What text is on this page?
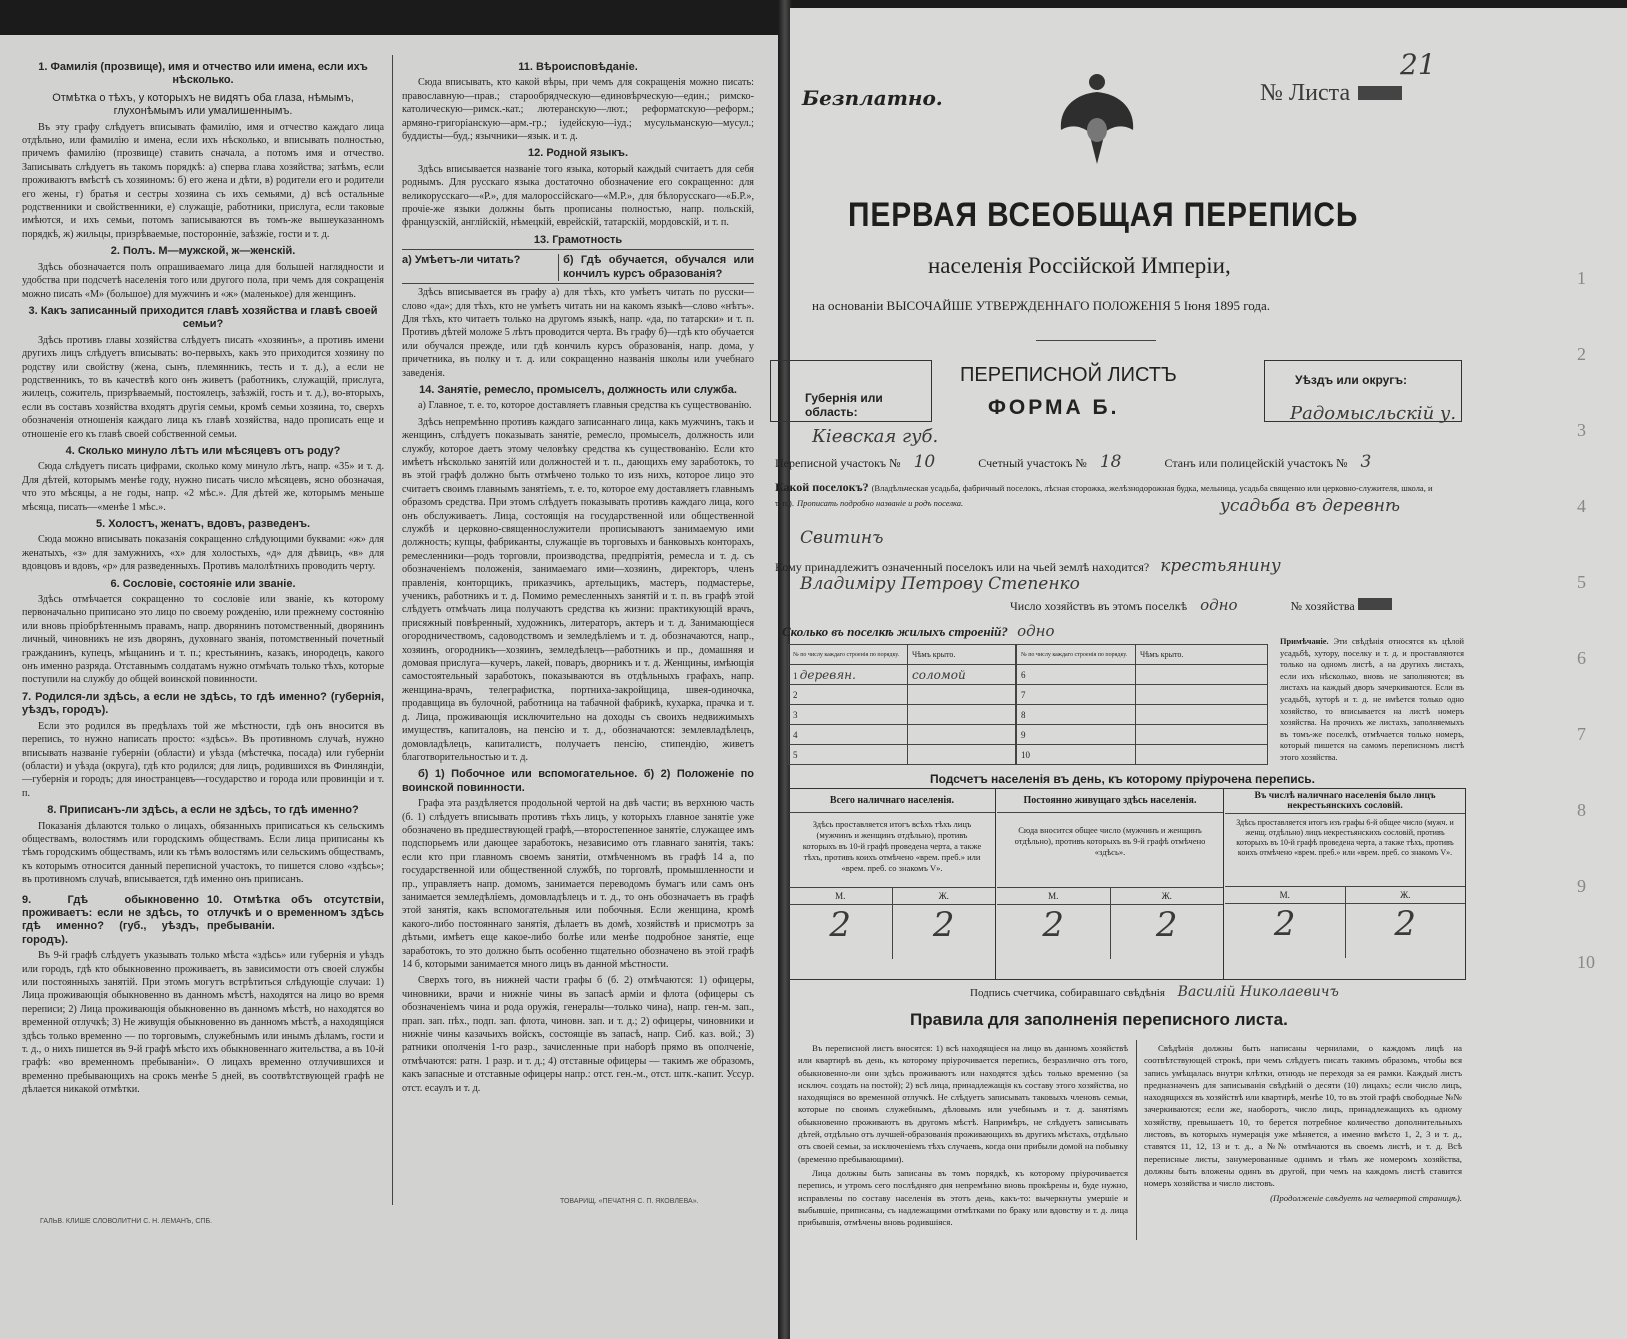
1. Фамилія (прозвище), имя и отчество или имена, если ихъ нѣсколько.
Отмѣтка о тѣхъ, у которыхъ не видятъ оба глаза, нѣмымъ, глухонѣмымъ или умалишеннымъ.

Въ эту графу слѣдуетъ вписывать фамилію, имя и отчество каждаго лица отдѣльно, или фамилію и имена, если ихъ нѣсколько, и вписывать полностью, причемъ фамилію (прозвище) ставить сначала, а потомъ имя и отчество. Записывать слѣдуетъ въ такомъ порядкѣ: а) сперва глава хозяйства; затѣмъ, если проживаютъ вмѣстѣ съ хозяиномъ: б) его жена и дѣти, в) родители его и родители его жены, г) братья и сестры хозяина съ ихъ семьями, д) всѣ остальные родственники и свойственники, е) служащіе, работники, прислуга, если таковые имѣются, и ихъ семьи, потомъ записываются въ томъ-же вышеуказанномъ порядкѣ, ж) жильцы, призрѣваемые, посторонніе, заѣзжіе, гости и т. д.

2. Полъ. М—мужской, ж—женскій.

Здѣсь обозначается полъ опрашиваемаго лица для большей наглядности и удобства при подсчетѣ населенія того или другого пола, при чемъ для сокращенія можно писать «М» (большое) для мужчинъ и «ж» (маленькое) для женщинъ.

3. Какъ записанный приходится главѣ хозяйства и главѣ своей семьи?

Здѣсь противъ главы хозяйства слѣдуетъ писать «хозяинъ», а противъ имени другихъ лицъ слѣдуетъ вписывать: во-первыхъ, какъ это приходится хозяину по родству или свойству (жена, сынъ, племянникъ, тесть и т. д.), а если не родственникъ, то въ качествѣ кого онъ живетъ (работникъ, служащій, прислуга, жилецъ, сожитель, призрѣваемый, постоялецъ, заѣзжій, гость и т. д.), во-вторыхъ, если въ составъ хозяйства входятъ другія семьи, кромѣ семьи хозяина, то, сверхъ обозначенія отношенія каждаго лица къ главѣ хозяйства, надо прописать еще и отношеніе его къ главѣ своей собственной семьи.

4. Сколько минуло лѣтъ или мѣсяцевъ отъ роду?

Сюда слѣдуетъ писать цифрами, сколько кому минуло лѣтъ, напр. «35» и т. д. Для дѣтей, которымъ менѣе году, нужно писать число мѣсяцевъ, ясно обозначая, что это мѣсяцы, а не годы, напр. «2 мѣс.». Для дѣтей же, которымъ меньше мѣсяца, писать—«менѣе 1 мѣс.».

5. Холостъ, женатъ, вдовъ, разведенъ.

Сюда можно вписывать показанія сокращенно слѣдующими буквами: «ж» для женатыхъ, «з» для замужнихъ, «х» для холостыхъ, «д» для дѣвицъ, «в» для вдовцовъ и вдовъ, «р» для разведенныхъ. Противъ малолѣтнихъ проводить черту.

6. Сословіе, состояніе или званіе.

Здѣсь отмѣчается сокращенно то сословіе или званіе, къ которому первоначально приписано это лицо по своему рожденію, или прежнему состоянію или вновь пріобрѣтеннымъ правамъ, напр. дворянинъ потомственный, дворянинъ личный, чиновникъ не изъ дворянъ, духовнаго званія, потомственный почетный гражданинъ, купецъ, мѣщанинъ и т. п.; крестьянинъ, казакъ, инородецъ, какого онъ именно разряда. Отставнымъ солдатамъ нужно отмѣчать только тѣхъ, которые поступили на службу до общей воинской повинности.

7. Родился-ли здѣсь, а если не здѣсь, то гдѣ именно? (губернія, уѣздъ, городъ).

Если это родился въ предѣлахъ той же мѣстности, гдѣ онъ вносится въ перепись, то нужно написать просто: «здѣсь». Въ противномъ случаѣ, нужно вписывать названіе губерніи (области) и уѣзда (мѣстечка, посада) или губерніи (области) и уѣзда (округа), гдѣ кто родился; для лицъ, родившихся въ Финляндіи,—губернія и городъ; для иностранцевъ—государство и города или провинціи и т. п.

8. Приписанъ-ли здѣсь, а если не здѣсь, то гдѣ именно?

Показанія дѣлаются только о лицахъ, обязанныхъ приписаться къ сельскимъ обществамъ, волостямъ или городскимъ обществамъ. Если лица приписаны къ тѣмъ городскимъ обществамъ, или къ тѣмъ волостямъ или сельскимъ обществамъ, къ которымъ относится данный переписной участокъ, то пишется слово «здѣсь»; въ противномъ случаѣ, вписывается, гдѣ именно онъ приписанъ.

9. Гдѣ обыкновенно проживаетъ: если не здѣсь, то гдѣ именно? (губ., уѣздъ, городъ).
10. Отмѣтка объ отсутствіи, отлучкѣ и о временномъ здѣсь пребываніи.

Въ 9-й графѣ слѣдуетъ указывать только мѣста «здѣсь» или губернія и уѣздъ или городъ, гдѣ кто обыкновенно проживаетъ, въ зависимости отъ своей службы или постоянныхъ занятій. При этомъ могутъ встрѣтиться слѣдующіе случаи: 1) Лица проживающія обыкновенно въ данномъ мѣстѣ, находятся на лицо во время переписи; 2) Лица проживающія обыкновенно въ данномъ мѣстѣ, но находятся во временной отлучкѣ; 3) Не живущія обыкновенно въ данномъ мѣстѣ, а находящіяся здѣсь только временно — по торговымъ, служебнымъ или инымъ дѣламъ, гости и т. д., о нихъ пишется въ 9-й графѣ мѣсто ихъ обыкновеннаго жительства, а въ 10-й графѣ: «во временномъ пребываніи». О лицахъ временно отлучившихся и временно пребывающихъ на срокъ менѣе 5 дней, въ соотвѣтствующей графѣ не дѣлается никакой отмѣтки.

11. Вѣроисповѣданіе.

Сюда вписывать, кто какой вѣры, при чемъ для сокращенія можно писать: православную—прав.; старообрядческую—единовѣрческую—един.; римско-католическую—римск.-кат.; лютеранскую—лют.; реформатскую—реформ.; армяно-григоріанскую—арм.-гр.; іудейскую—іуд.; мусульманскую—мусул.; буддисты—буд.; язычники—язык. и т. д.

12. Родной языкъ.

Здѣсь вписывается названіе того языка, который каждый считаетъ для себя роднымъ. Для русскаго языка достаточно обозначение его сокращенно: для великорусскаго—«Р.», для малороссійскаго—«М.Р.», для бѣлорусскаго—«Б.Р.», прочіе-же языки должны быть прописаны полностью, напр. польскій, французскій, англійскій, нѣмецкій, еврейскій, татарскій, мордовскій, и т. п.

13. Грамотность
а) Умѣетъ-ли читать?	б) Гдѣ обучается, обучался или кончилъ курсъ образованія?

Здѣсь вписывается въ графу а) для тѣхъ, кто умѣетъ читать по русски—слово «да»; для тѣхъ, кто не умѣетъ читать ни на какомъ языкѣ—слово «нѣтъ». Для тѣхъ, кто читаетъ только на другомъ языкѣ, напр. «да, по татарски» и т. п. Противъ дѣтей моложе 5 лѣтъ проводится черта. Въ графу б)—гдѣ кто обучается или обучался прежде, или гдѣ кончилъ курсъ образованія, напр. дома, у причетника, въ полку и т. д. или сокращенно названія школы или учебнаго заведенія.

14. Занятіе, ремесло, промыселъ, должность или служба.

а) Главное, т. е. то, которое доставляетъ главныя средства къ существованію.

Здѣсь непремѣнно противъ каждаго записаннаго лица, какъ мужчинъ, такъ и женщинъ, слѣдуетъ показывать занятіе, ремесло, промыселъ, должность или службу, которое даетъ этому человѣку средства къ существованію. Если кто имѣетъ нѣсколько занятій или должностей и т. п., дающихъ ему заработокъ, то въ этой графѣ должно быть отмѣчено только то изъ нихъ, которое лицо это считаетъ своимъ главнымъ занятіемъ, т. е. то, которое ему доставляетъ главнымъ образомъ средства. При этомъ слѣдуетъ показывать противъ каждаго лица, кого онъ обслуживаетъ. Лица, состоящія на государственной или общественной службѣ и церковно-священнослужители прописываютъ занимаемую ими должность; купцы, фабриканты, служащіе въ торговыхъ и банковыхъ конторахъ, ремесленники—родъ торговли, производства, предпріятія, ремесла и т. д. съ обозначеніемъ положенія, занимаемаго ими—хозяинъ, директоръ, членъ правленія, конторщикъ, приказчикъ, артельщикъ, мастеръ, подмастерье, ученикъ, работникъ и т. д. Помимо ремесленныхъ занятій и т. п. въ графѣ этой слѣдуетъ отмѣчать лица получаютъ средства къ жизни: практикующій врачъ, присяжный повѣренный, художникъ, литераторъ, актеръ и т. д. Занимающіеся огородничествомъ, садоводствомъ и земледѣліемъ и т. д. обозначаются, напр., хозяинъ, огородникъ—хозяинъ, земледѣлецъ—работникъ и пр., домашняя и домовая прислуга—кучеръ, лакей, поваръ, дворникъ и т. д. Женщины, имѣющія самостоятельный заработокъ, показываются въ отдѣльныхъ графахъ, напр. женщина-врачъ, телеграфистка, портниха-закройщица, швея-одиночка, продавщица въ булочной, работница на табачной фабрикѣ, кухарка, прачка и т. д. Лица, проживающія исключительно на доходы съ своихъ недвижимыхъ имуществъ, капиталовъ, на пенсію и т. д., обозначаются: землевладѣлецъ, домовладѣлецъ, капиталистъ, получаетъ пенсію, стипендію, живетъ благотворительностью и т. д.

б) 1) Побочное или вспомогательное. б) 2) Положеніе по воинской повинности.

Графа эта раздѣляется продольной чертой на двѣ части; въ верхнюю часть (б. 1) слѣдуетъ вписывать противъ тѣхъ лицъ, у которыхъ главное занятіе уже обозначено въ предшествующей графѣ,—второстепенное занятіе, служащее имъ подспорьемъ или дающее заработокъ, независимо отъ главнаго занятія, такъ: если кто при главномъ своемъ занятіи, отмѣченномъ въ графѣ 14 а, по государственной или общественной службѣ, по торговлѣ, промышленности и пр., управляетъ напр. домомъ, занимается переводомъ бумагъ или самъ онъ занимается земледѣліемъ, домовладѣлецъ и т. д., то онъ обозначаетъ въ графѣ этой занятія, какъ вспомогательныя или побочныя. Если женщина, кромѣ какого-либо постояннаго занятія, дѣлаетъ въ домѣ, хозяйствѣ и присмотръ за дѣтьми, имѣетъ еще какое-либо болѣе или менѣе подробное занятіе, еще заработокъ, то это должно быть особенно тщательно обозначено въ этой графѣ 14 б, которыми занимается много лицъ въ данной мѣстности.

Сверхъ того, въ нижней части графы б (б. 2) отмѣчаются: 1) офицеры, чиновники, врачи и нижніе чины въ запасѣ арміи и флота (офицеры съ обозначеніемъ чина и рода оружія, генералы—только чина), напр. ген-м. зап., прап. зап. пѣх., подп. зап. флота, чиновн. зап. и т. д.; 2) офицеры, чиновники и нижніе чины казачьихъ войскъ, состоящіе въ запасѣ, напр. Сиб. каз. вой.; 3) ратники ополченія 1-го разр., зачисленные при наборѣ прямо въ ополченіе, отмѣчаются: ратн. 1 разр. и т. д.; 4) отставные офицеры — такимъ же образомъ, какъ запасные и отставные офицеры напр.: отст. ген.-м., отст. штк.-капит. Уссур. отст. есаулъ и т. д.

ГАЛЬВ. КЛИШЕ СЛОВОЛИТНИ С. Н. ЛЕМАНЪ, СПБ.
ТОВАРИЩ. «ПЕЧАТНЯ С. П. ЯКОВЛЕВА».
1
2
3
4
5
6
7
8
9
10
Безплатно.	№ Листа
21
ПЕРВАЯ ВСЕОБЩАЯ ПЕРЕПИСЬ
населенія Россійской Имперіи,
на основаніи ВЫСОЧАЙШЕ УТВЕРЖДЕННАГО ПОЛОЖЕНІЯ 5 Іюня 1895 года.
Губернія или область:
Кіевская губ.
ПЕРЕПИСНОЙ ЛИСТЪ
ФОРМА Б.
Уѣздъ или округъ:
Радомысльскій у.
Переписной участокъ № 10	Счетный участокъ № 18	Станъ или полицейскій участокъ № 3
Какой поселокъ? (Владѣльческая усадьба, фабричный поселокъ, лѣсная сторожка, желѣзнодорожная будка, мельница, усадьба священно или церковно-служителя, школа, и т. п.). Прописать подробно названіе и родъ поселка.	усадьба въ деревнѣ
Свитинъ
Кому принадлежитъ означенный поселокъ или на чьей землѣ находится? крестьянину
Владиміру Петрову Степенко
Число хозяйствъ въ этомъ поселкѣ одно	№ хозяйства
Сколько въ поселкѣ жилыхъ строеній? одно
№ по числу каждаго строенія по порядку.	Чѣмъ крыто.
1 деревян.	соломой
2	
3	
4	
5	
№ по числу каждаго строенія по порядку.	Чѣмъ крыто.
6	
7	
8	
9	
10	
Примѣчаніе. Эти свѣдѣнія относятся къ цѣлой усадьбѣ, хутору, поселку и т. д. и проставляются только на одномъ листѣ, а на другихъ листахъ, если ихъ нѣсколько, вновь не заполняются; въ листахъ на каждый дворъ зачеркиваются. Если въ усадьбѣ, хуторѣ и т. д. не имѣется только одно хозяйство, то вписывается на листѣ номеръ хозяйства. На прочихъ же листахъ, заполняемыхъ въ томъ-же поселкѣ, отмѣчается только номеръ, который пишется на самомъ переписномъ листѣ этого хозяйства.
Подсчетъ населенія въ день, къ которому пріурочена перепись.
Всего наличнаго населенія.
Здѣсь проставляется итогъ всѣхъ тѣхъ лицъ (мужчинъ и женщинъ отдѣльно), противъ которыхъ въ 10-й графѣ проведена черта, а также тѣхъ, противъ коихъ отмѣчено «врем. преб.» или «врем. преб. со знакомъ V».
М.	Ж.
2	2
Постоянно живущаго здѣсь населенія.
Сюда вносится общее число (мужчинъ и женщинъ отдѣльно), противъ которыхъ въ 9-й графѣ отмѣчено «здѣсь».
М.	Ж.
2	2
Въ числѣ наличнаго населенія было лицъ некрестьянскихъ сословій.
Здѣсь проставляется итогъ изъ графы 6-й общее число (мужч. и женщ. отдѣльно) лицъ некрестьянскихъ сословій, противъ которыхъ въ 10-й графѣ проведена черта, а также тѣхъ, противъ коихъ отмѣчено «врем. преб.» или «врем. преб. со знакомъ V».
М.	Ж.
2	2
Подпись счетчика, собиравшаго свѣдѣнія Василій Николаевичъ
Правила для заполненія переписного листа.

Въ переписной листъ вносятся: 1) всѣ находящіеся на лицо въ данномъ хозяйствѣ или квартирѣ въ день, къ которому пріурочивается перепись, безразлично отъ того, обыкновенно-ли они здѣсь проживаютъ или находятся здѣсь только временно (за исключ. создать на постой); 2) всѣ лица, принадлежащія къ составу этого хозяйства, но находящіяся во временной отлучкѣ. Не слѣдуетъ записывать таковыхъ членовъ семьи, которые по своимъ служебнымъ, дѣловымъ или учебнымъ и т. д. занятіямъ обыкновенно проживаютъ въ другомъ мѣстѣ. Напримѣръ, не слѣдуетъ записывать дѣтей, отдѣльно отъ лучшей-образованія проживающихъ въ другихъ мѣстахъ, отдѣльно отъ своей семьи, за исключеніемъ тѣхъ случаевъ, когда они прибыли домой на побывку (временно пребывающими).

Лица должны быть записаны въ томъ порядкѣ, къ которому пріурочивается перепись, и утромъ сего послѣдняго дня непремѣнно вновь прокѣрены и, буде нужно, исправлены по составу населенія въ этотъ день, какъ-то: вычеркнуты умершіе и выбывшіе, приписаны, съ надлежащими отмѣтками по браку или вдовству и т. д. лица прибывшія, отмѣчены вновь родившіяся.

Свѣдѣнія должны быть написаны чернилами, о каждомъ лицѣ на соотвѣтствующей строкѣ, при чемъ слѣдуетъ писать такимъ образомъ, чтобы вся запись умѣщалась внутри клѣтки, отнюдь не переходя за ея рамки. Каждый листъ предназначенъ для записыванія свѣдѣній о десяти (10) лицахъ; если число лицъ, находящихся въ хозяйствѣ или квартирѣ, менѣе 10, то въ этой графѣ свободные №№ зачеркиваются; если же, наоборотъ, число лицъ, принадлежащихъ къ одному хозяйству, превышаетъ 10, то берется потребное количество дополнительныхъ листовъ, въ которыхъ нумерація уже мѣняется, а именно вмѣсто 1, 2, 3 и т. д., ставятся 11, 12, 13 и т. д., а №№ отмѣчаются въ своемъ листѣ, и т. д. Всѣ переписные листы, занумерованные однимъ и тѣмъ же номеромъ хозяйства, должны быть вложены одинъ въ другой, при чемъ на каждомъ листѣ ставится номеръ хозяйства и число листовъ.

(Продолженіе слѣдуетъ на четвертой страницѣ).
